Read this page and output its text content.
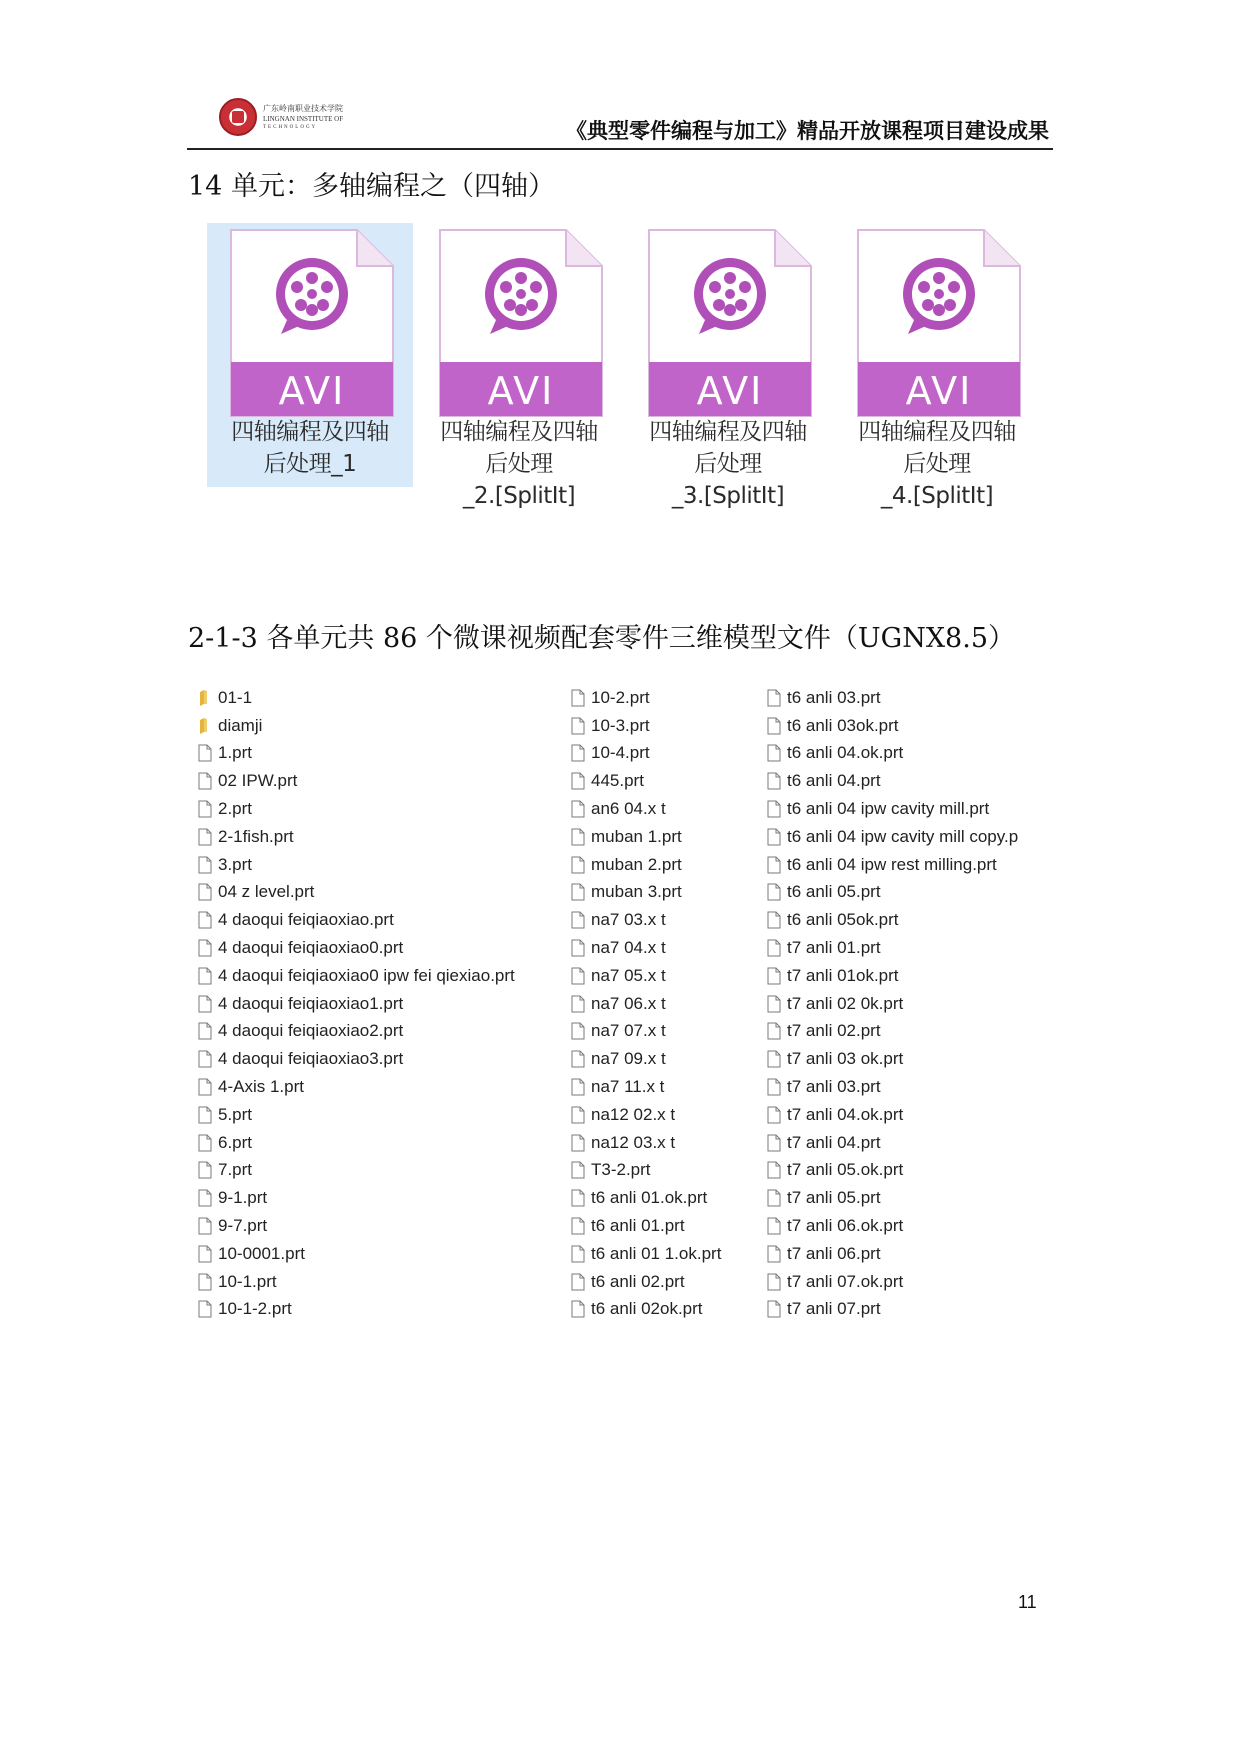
广东岭南职业技术学院
LINGNAN INSTITUTE OF
TECHNOLOGY	《典型零件编程与加工》精品开放课程项目建设成果
14 单元：多轴编程之（四轴）
AVI
四轴编程及四轴
后处理_1
AVI
四轴编程及四轴
后处理
_2.[SplitIt]
AVI
四轴编程及四轴
后处理
_3.[SplitIt]
AVI
四轴编程及四轴
后处理
_4.[SplitIt]
2-1-3 各单元共 86 个微课视频配套零件三维模型文件（UGNX8.5）
01-1
diamji
1.prt
02 IPW.prt
2.prt
2-1fish.prt
3.prt
04 z level.prt
4 daoqui feiqiaoxiao.prt
4 daoqui feiqiaoxiao0.prt
4 daoqui feiqiaoxiao0 ipw fei qiexiao.prt
4 daoqui feiqiaoxiao1.prt
4 daoqui feiqiaoxiao2.prt
4 daoqui feiqiaoxiao3.prt
4-Axis 1.prt
5.prt
6.prt
7.prt
9-1.prt
9-7.prt
10-0001.prt
10-1.prt
10-1-2.prt
10-2.prt
10-3.prt
10-4.prt
445.prt
an6 04.x t
muban 1.prt
muban 2.prt
muban 3.prt
na7 03.x t
na7 04.x t
na7 05.x t
na7 06.x t
na7 07.x t
na7 09.x t
na7 11.x t
na12 02.x t
na12 03.x t
T3-2.prt
t6 anli 01.ok.prt
t6 anli 01.prt
t6 anli 01 1.ok.prt
t6 anli 02.prt
t6 anli 02ok.prt
t6 anli 03.prt
t6 anli 03ok.prt
t6 anli 04.ok.prt
t6 anli 04.prt
t6 anli 04 ipw cavity mill.prt
t6 anli 04 ipw cavity mill copy.p
t6 anli 04 ipw rest milling.prt
t6 anli 05.prt
t6 anli 05ok.prt
t7 anli 01.prt
t7 anli 01ok.prt
t7 anli 02 0k.prt
t7 anli 02.prt
t7 anli 03 ok.prt
t7 anli 03.prt
t7 anli 04.ok.prt
t7 anli 04.prt
t7 anli 05.ok.prt
t7 anli 05.prt
t7 anli 06.ok.prt
t7 anli 06.prt
t7 anli 07.ok.prt
t7 anli 07.prt
11
